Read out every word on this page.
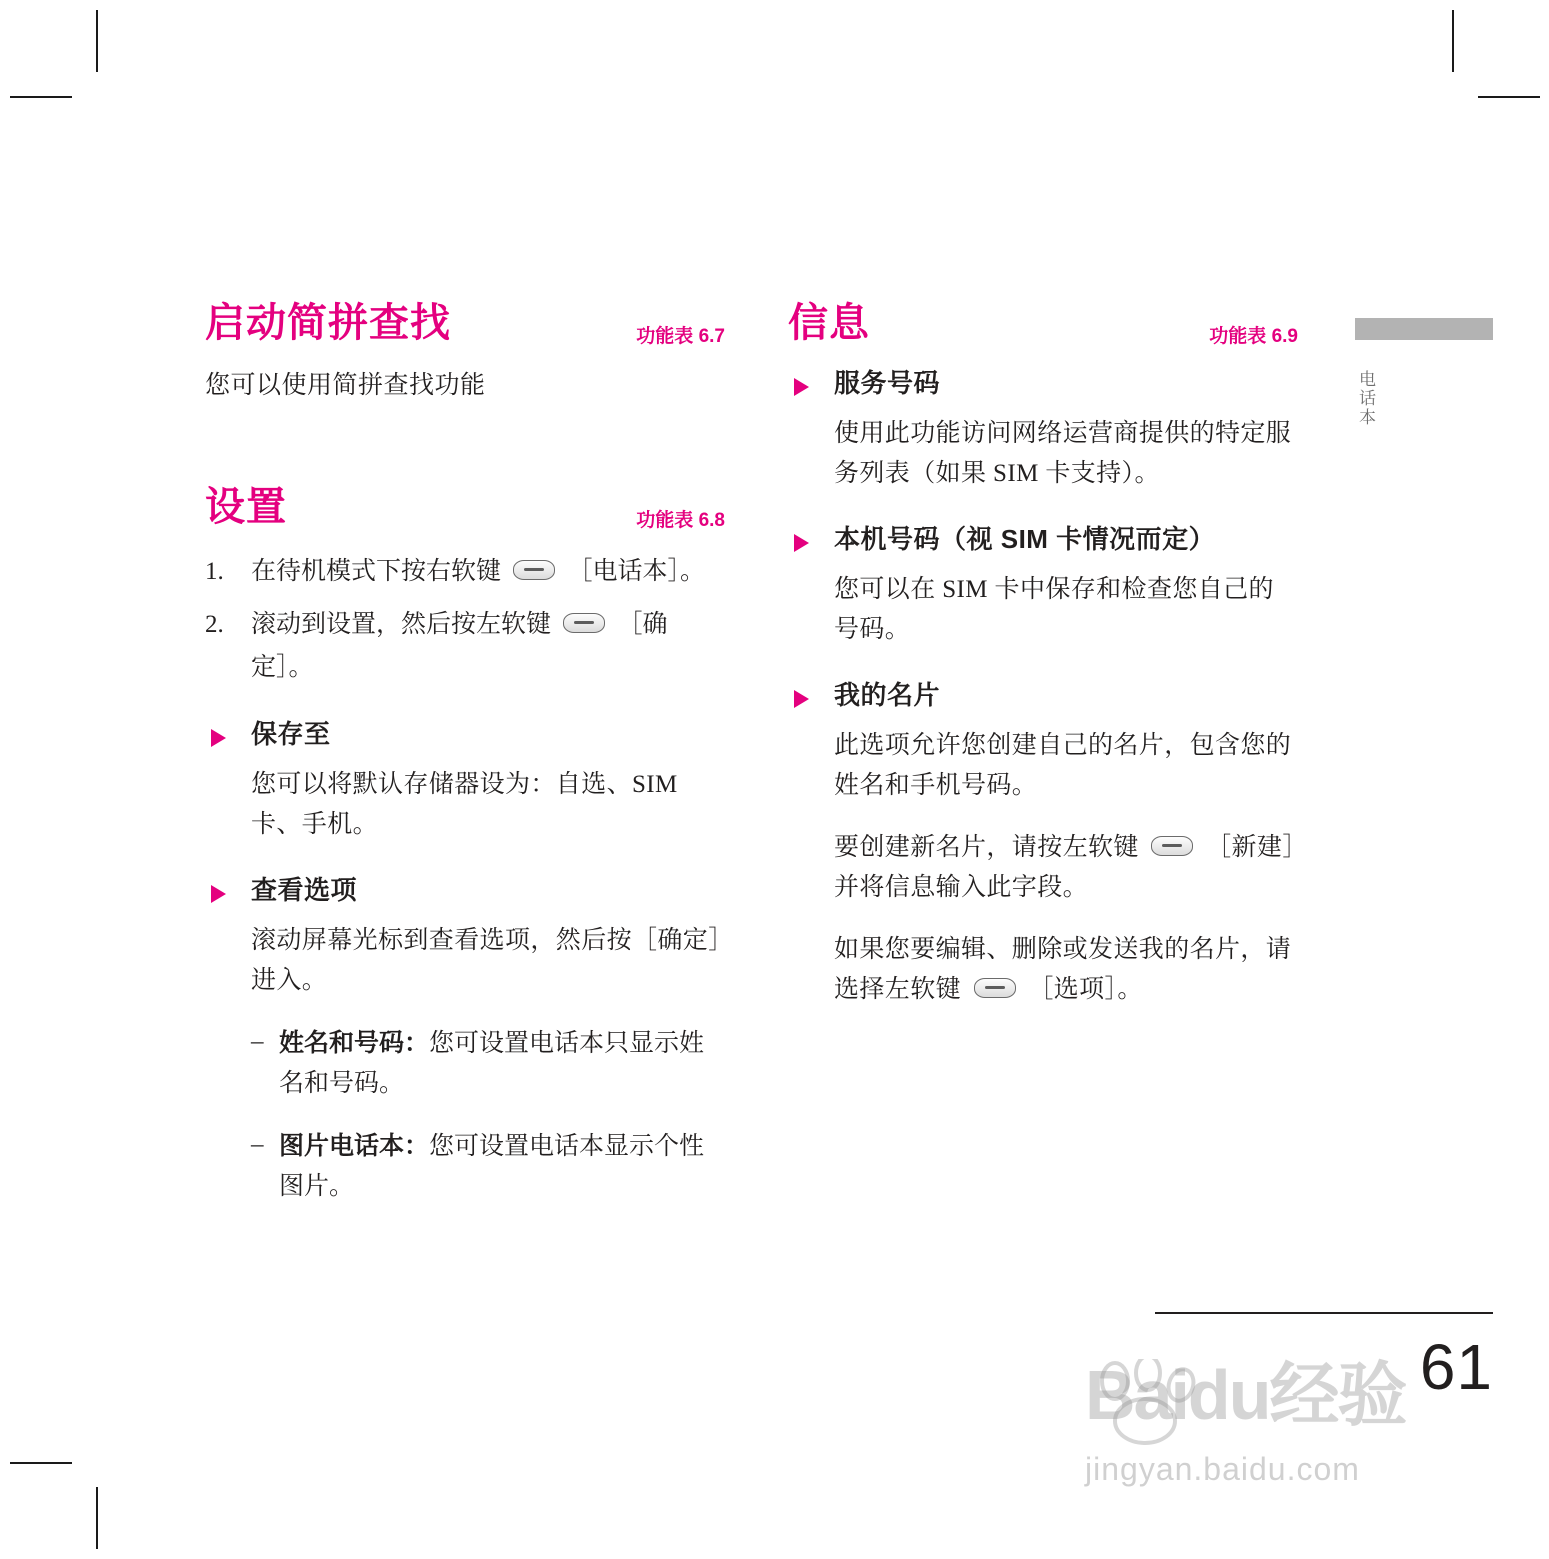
电话本
启动简拼查找	功能表 6.7

您可以使用简拼查找功能

设置	功能表 6.8
1. 在待机模式下按右软键	［电话本］。
2. 滚动到设置，然后按左软键	［确定］。
保存至
您可以将默认存储器设为：自选、SIM 卡、手机。
查看选项
滚动屏幕光标到查看选项，然后按［确定］进入。
– 姓名和号码：您可设置电话本只显示姓名和号码。
– 图片电话本：您可设置电话本显示个性图片。
信息	功能表 6.9
服务号码
使用此功能访问网络运营商提供的特定服务列表（如果 SIM 卡支持）。
本机号码（视 SIM 卡情况而定）
您可以在 SIM 卡中保存和检查您自己的号码。
我的名片
此选项允许您创建自己的名片，包含您的姓名和手机号码。
要创建新名片，请按左软键	［新建］并将信息输入此字段。
如果您要编辑、删除或发送我的名片，请选择左软键	［选项］。
61
Baidu经验
jingyan.baidu.com
